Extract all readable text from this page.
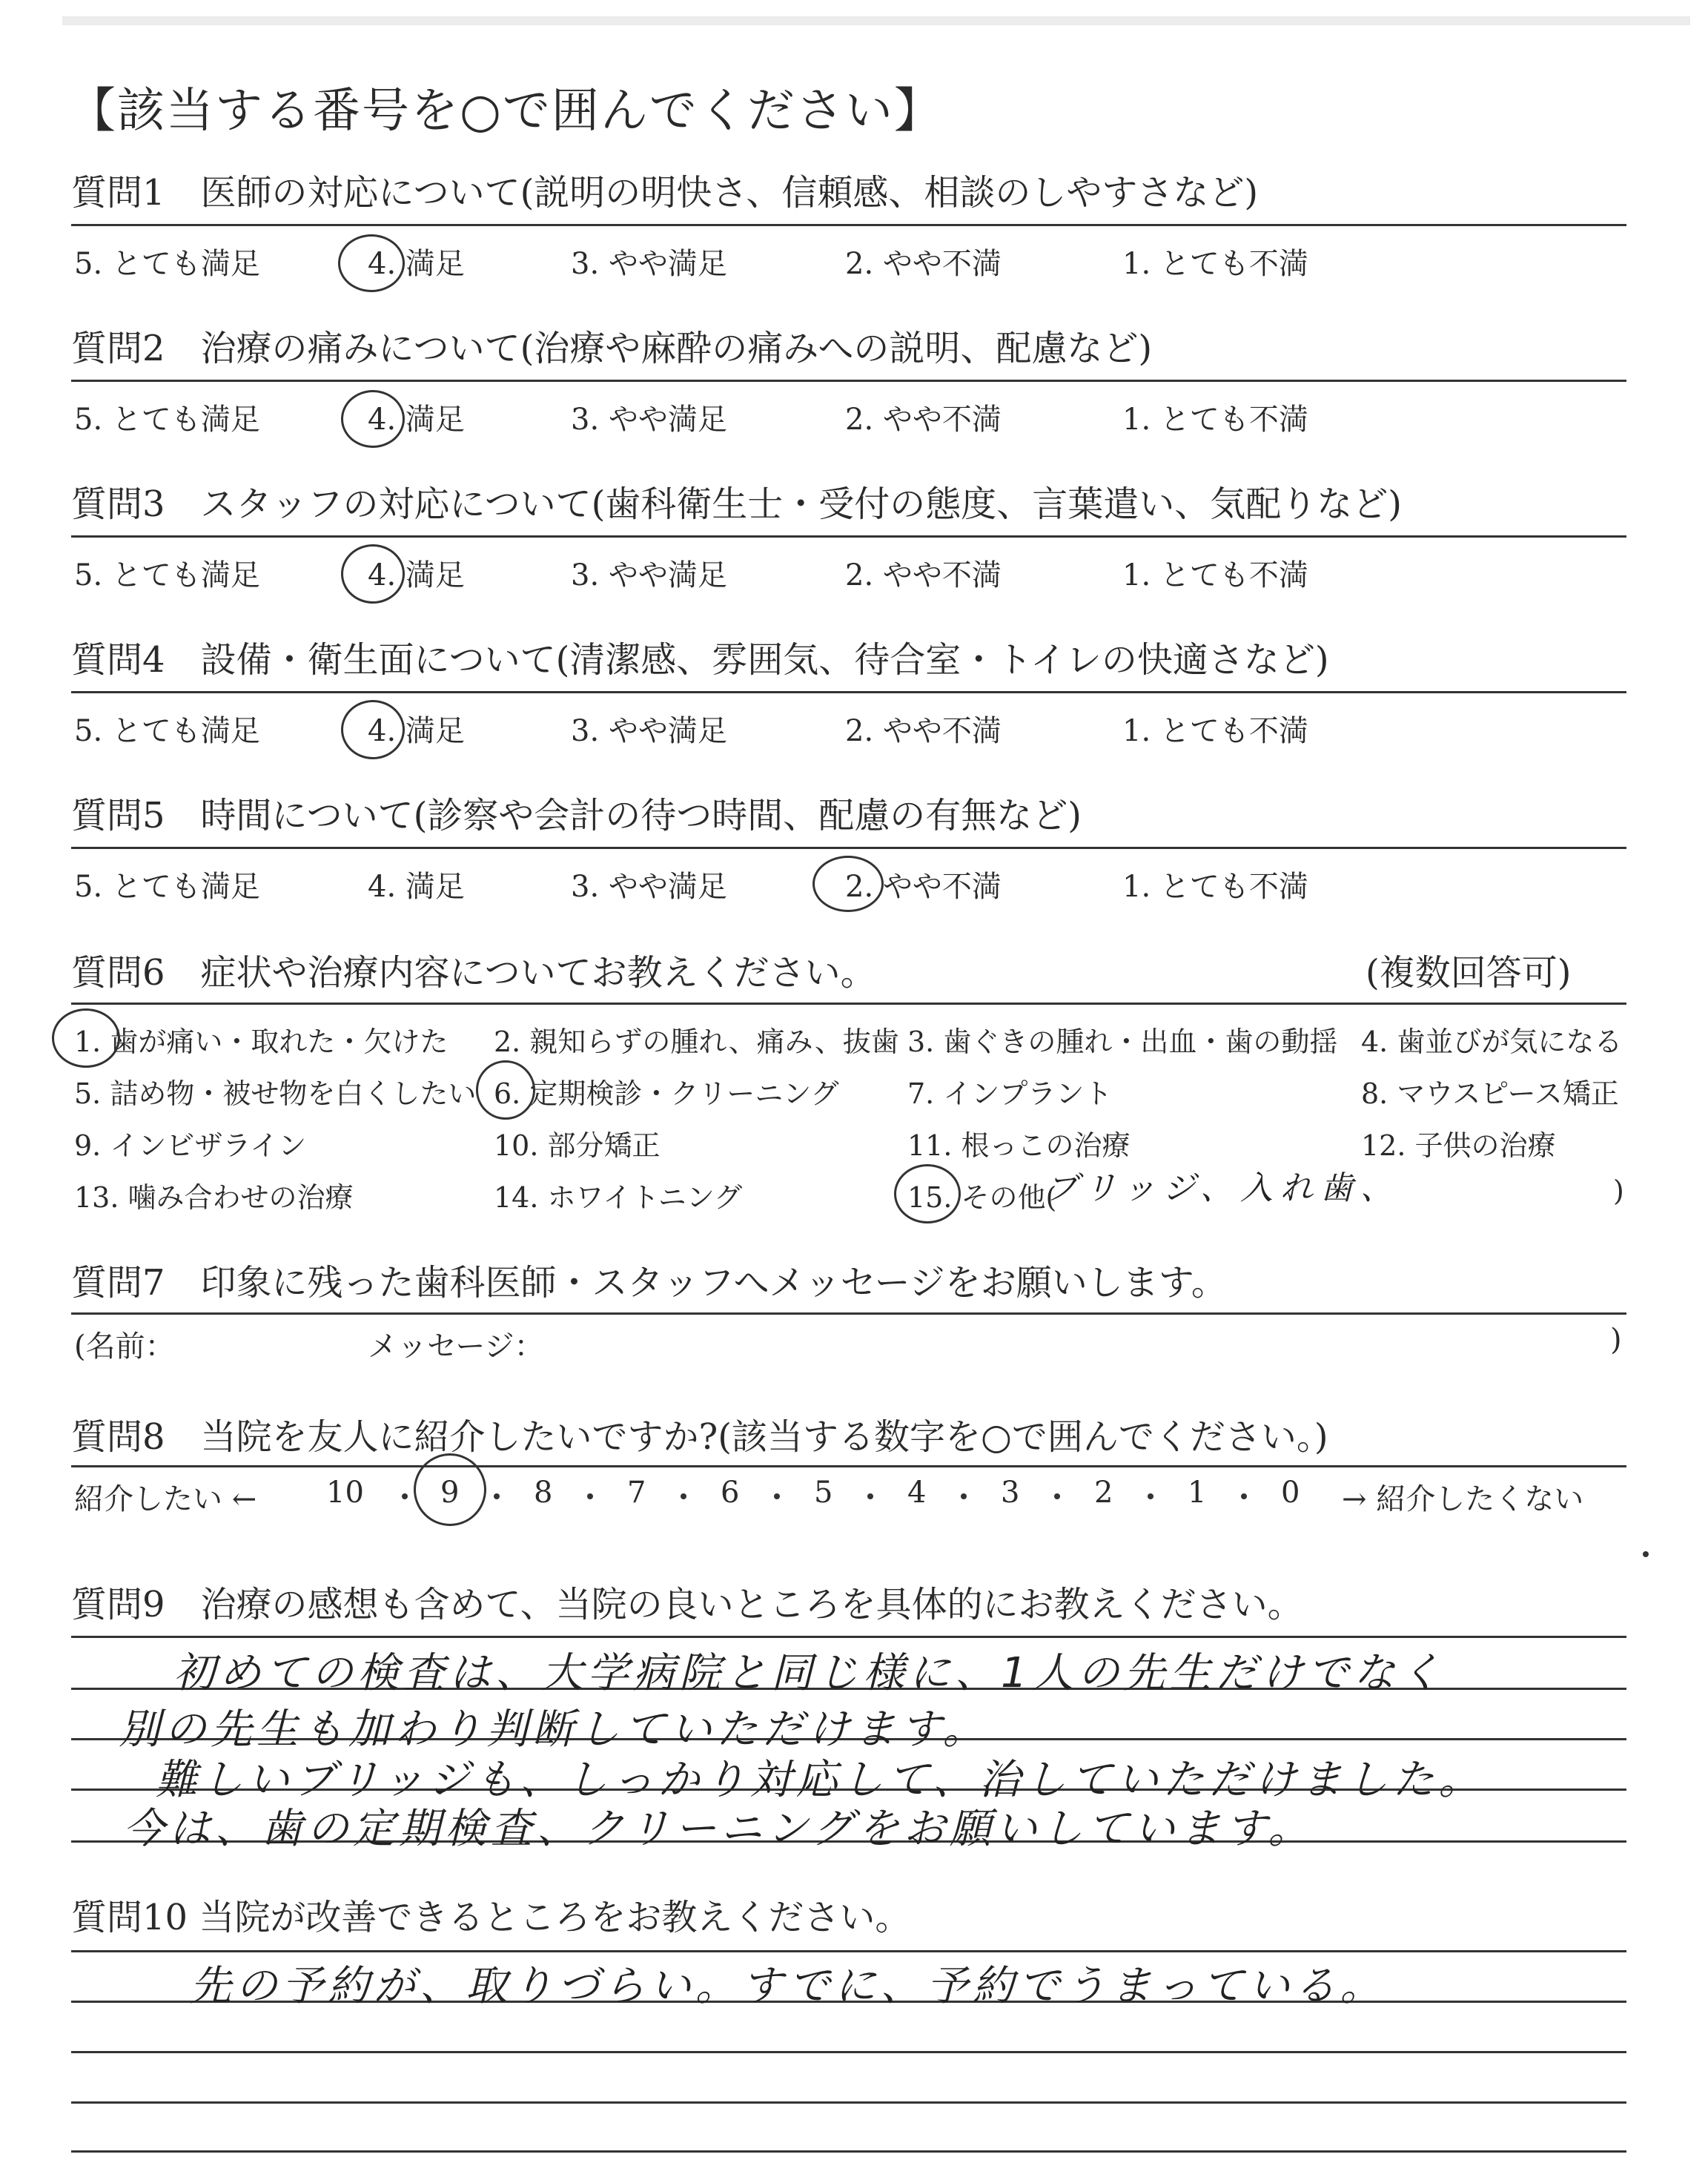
【該当する番号を○で囲んでください】
質問1　医師の対応について(説明の明快さ、信頼感、相談のしやすさなど)
5. とても満足	4. 満足	3. やや満足	2. やや不満	1. とても不満
質問2　治療の痛みについて(治療や麻酔の痛みへの説明、配慮など)
5. とても満足	4. 満足	3. やや満足	2. やや不満	1. とても不満
質問3　スタッフの対応について(歯科衛生士・受付の態度、言葉遣い、気配りなど)
5. とても満足	4. 満足	3. やや満足	2. やや不満	1. とても不満
質問4　設備・衛生面について(清潔感、雰囲気、待合室・トイレの快適さなど)
5. とても満足	4. 満足	3. やや満足	2. やや不満	1. とても不満
質問5　時間について(診察や会計の待つ時間、配慮の有無など)
5. とても満足	4. 満足	3. やや満足	2. やや不満	1. とても不満
質問6　症状や治療内容についてお教えください。	(複数回答可)
1. 歯が痛い・取れた・欠けた 2. 親知らずの腫れ、痛み、抜歯 3. 歯ぐきの腫れ・出血・歯の動揺 4. 歯並びが気になる
5. 詰め物・被せ物を白くしたい 6. 定期検診・クリーニング 7. インプラント	8. マウスピース矯正
9. インビザライン	10. 部分矯正	11. 根っこの治療	12. 子供の治療
13. 噛み合わせの治療	14. ホワイトニング	15. その他(	)
ブリッジ、入れ歯、
質問7　印象に残った歯科医師・スタッフへメッセージをお願いします。
(名前：	メッセージ：	)
質問8　当院を友人に紹介したいですか?(該当する数字を○で囲んでください。)
紹介したい ← 10	9	8	7	6	5	4	3	2	1	0 → 紹介したくない
質問9　治療の感想も含めて、当院の良いところを具体的にお教えください。
初めての検査は、大学病院と同じ様に、1人の先生だけでなく
別の先生も加わり判断していただけます。
難しいブリッジも、しっかり対応して、治していただけました。
今は、歯の定期検査、クリーニングをお願いしています。
質問10 当院が改善できるところをお教えください。
先の予約が、取りづらい。すでに、予約でうまっている。
